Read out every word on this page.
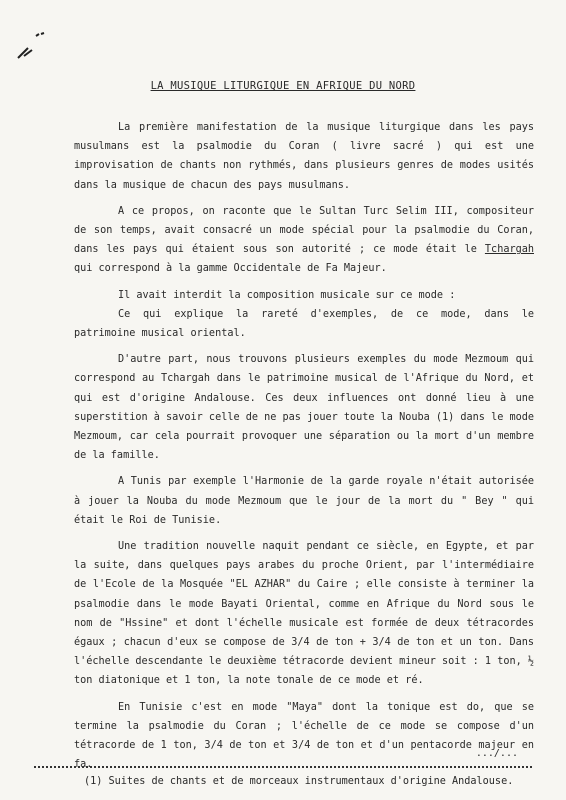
LA MUSIQUE LITURGIQUE EN AFRIQUE DU NORD

La première manifestation de la musique liturgique dans les pays musulmans est la psalmodie du Coran ( livre sacré ) qui est une improvisation de chants non rythmés, dans plusieurs genres de modes usités dans la musique de chacun des pays musulmans.

A ce propos, on raconte que le Sultan Turc Selim III, compositeur de son temps, avait consacré un mode spécial pour la psalmodie du Coran, dans les pays qui étaient sous son autorité ; ce mode était le Tchargah qui correspond à la gamme Occidentale de Fa Majeur.

Il avait interdit la composition musicale sur ce mode :

Ce qui explique la rareté d'exemples, de ce mode, dans le patrimoine musical oriental.

D'autre part, nous trouvons plusieurs exemples du mode Mezmoum qui correspond au Tchargah dans le patrimoine musical de l'Afrique du Nord, et qui est d'origine Andalouse. Ces deux influences ont donné lieu à une superstition à savoir celle de ne pas jouer toute la Nouba (1) dans le mode Mezmoum, car cela pourrait provoquer une séparation ou la mort d'un membre de la famille.

A Tunis par exemple l'Harmonie de la garde royale n'était autorisée à jouer la Nouba du mode Mezmoum que le jour de la mort du " Bey " qui était le Roi de Tunisie.

Une tradition nouvelle naquit pendant ce siècle, en Egypte, et par la suite, dans quelques pays arabes du proche Orient, par l'intermédiaire de l'Ecole de la Mosquée "EL AZHAR" du Caire ; elle consiste à terminer la psalmodie dans le mode Bayati Oriental, comme en Afrique du Nord sous le nom de "Hssine" et dont l'échelle musicale est formée de deux tétracordes égaux ; chacun d'eux se compose de 3/4 de ton + 3/4 de ton et un ton. Dans l'échelle descendante le deuxième tétracorde devient mineur soit : 1 ton, ½ ton diatonique et 1 ton, la note tonale de ce mode et ré.

En Tunisie c'est en mode "Maya" dont la tonique est do, que se termine la psalmodie du Coran ; l'échelle de ce mode se compose d'un tétracorde de 1 ton, 3/4 de ton et 3/4 de ton et d'un pentacorde majeur en fa.

.../...
(1) Suites de chants et de morceaux instrumentaux d'origine Andalouse.
